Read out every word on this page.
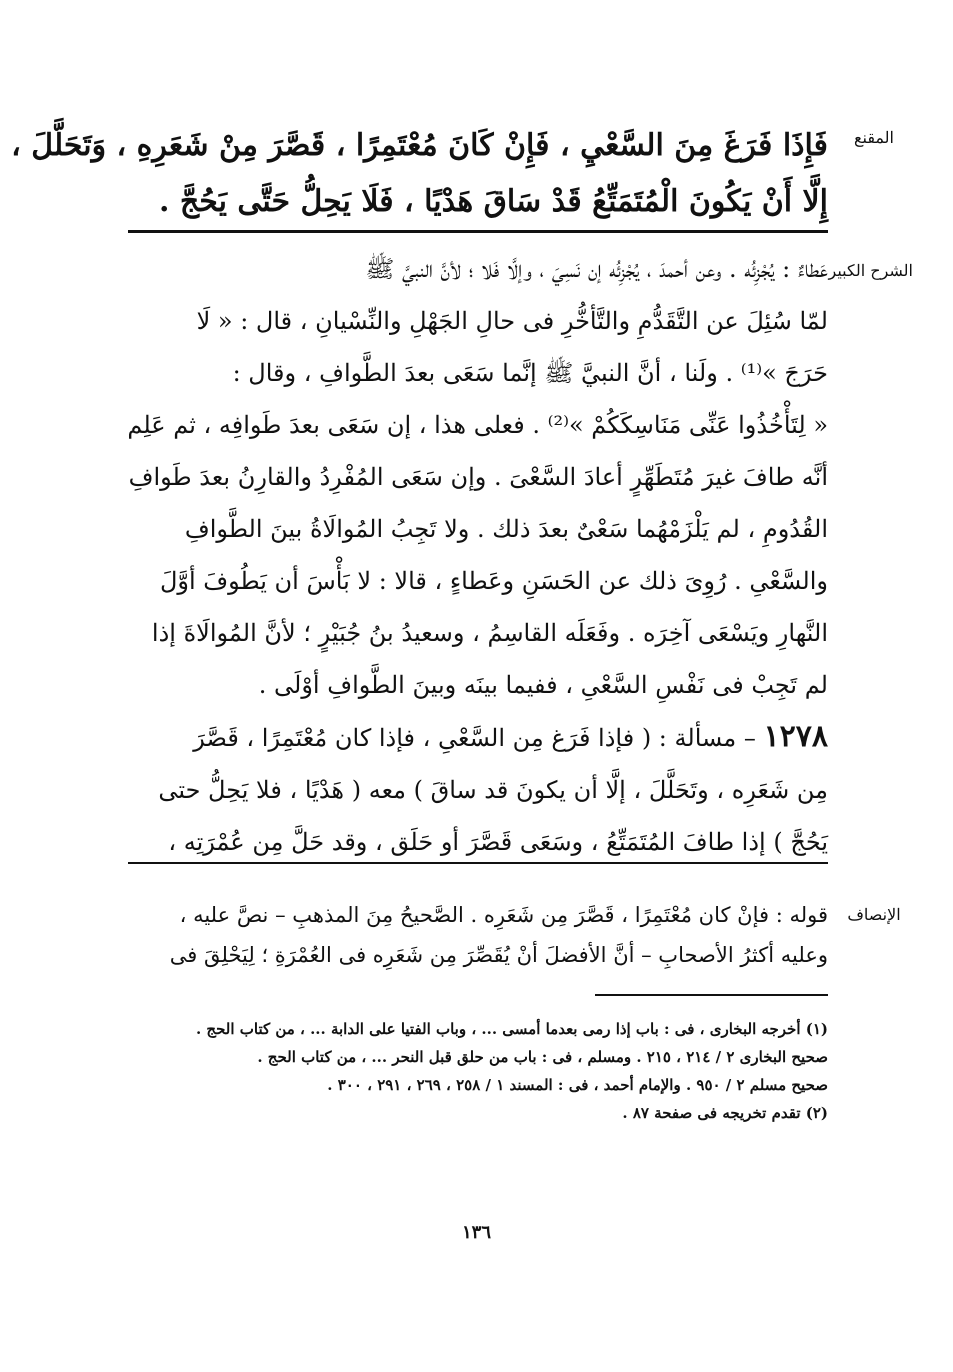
المقنع

فَإِذَا فَرَغَ مِنَ السَّعْيِ ، فَإِنْ كَانَ مُعْتَمِرًا ، قَصَّرَ مِنْ شَعَرِهِ ، وَتَحَلَّلَ ،

إِلَّا أَنْ يَكُونَ الْمُتَمَتِّعُ قَدْ سَاقَ هَدْيًا ، فَلَا يَحِلُّ حَتَّى يَحُجَّ .

الشرح الكبير

عَطاءٌ : يُجْزِئُه . وعن أحمدَ ، يُجْزِئُه إن نَسِيَ ، وإلَّا فَلا ؛ لأنَّ النبيَّ ﷺ

لمّا سُئِلَ عن التَّقَدُّمِ والتَّأخُّرِ فى حالِ الجَهْلِ والنِّسْيانِ ، قال : « لَا

حَرَجَ »⁽¹⁾ . ولَنا ، أنَّ النبيَّ ﷺ إنَّما سَعَى بعدَ الطَّوافِ ، وقال :

« لِتَأْخُذُوا عَنِّى مَنَاسِكَكُمْ »⁽²⁾ . فعلى هذا ، إن سَعَى بعدَ طَوافِه ، ثم عَلِم

أنَّه طافَ غيرَ مُتَطَهِّرٍ أعادَ السَّعْىَ . وإن سَعَى المُفْرِدُ والقارِنُ بعدَ طَوافِ

القُدُومِ ، لم يَلْزَمْهُما سَعْىٌ بعدَ ذلك . ولا تَجِبُ المُوالَاةُ بينَ الطَّوافِ

والسَّعْىِ . رُوِىَ ذلك عن الحَسَنِ وعَطاءٍ ، قالا : لا بَأْسَ أن يَطُوفَ أوَّلَ

النَّهارِ ويَسْعَى آخِرَه . وفَعَلَه القاسِمُ ، وسعيدُ بنُ جُبَيْرٍ ؛ لأنَّ المُوالَاةَ إذا

لم تَجِبْ فى نَفْسِ السَّعْىِ ، ففيما بينَه وبينَ الطَّوافِ أوْلَى .

١٢٧٨ – مسألة : ( فإذا فَرَغ مِن السَّعْىِ ، فإذا كان مُعْتَمِرًا ، قَصَّرَ

مِن شَعَرِه ، وتَحَلَّلَ ، إلَّا أن يكونَ قد ساقَ ) معه ( هَدْيًا ، فلا يَحِلُّ حتى

يَحُجَّ ) إذا طافَ المُتَمَتِّعُ ، وسَعَى قَصَّرَ أو حَلَق ، وقد حَلَّ مِن عُمْرَتِه ،

الإنصاف

قوله : فإنْ كان مُعْتَمِرًا ، قَصَّرَ مِن شَعَرِه . الصَّحيحُ مِنَ المذهبِ – نصَّ عليه ،

وعليه أكثرُ الأصحابِ – أنَّ الأفضلَ أنْ يُقَصِّرَ مِن شَعَرِه فى العُمْرَةِ ؛ لِيَحْلِقَ فى

(١) أخرجه البخارى ، فى : باب إذا رمى بعدما أمسى ... ، وباب الفتيا على الدابة ... ، من كتاب الحج .

صحيح البخارى ٢ / ٢١٤ ، ٢١٥ . ومسلم ، فى : باب من حلق قبل النحر ... ، من كتاب الحج .

صحيح مسلم ٢ / ٩٥٠ . والإمام أحمد ، فى : المسند ١ / ٢٥٨ ، ٢٦٩ ، ٢٩١ ، ٣٠٠ .

(٢) تقدم تخريجه فى صفحة ٨٧ .

١٣٦
